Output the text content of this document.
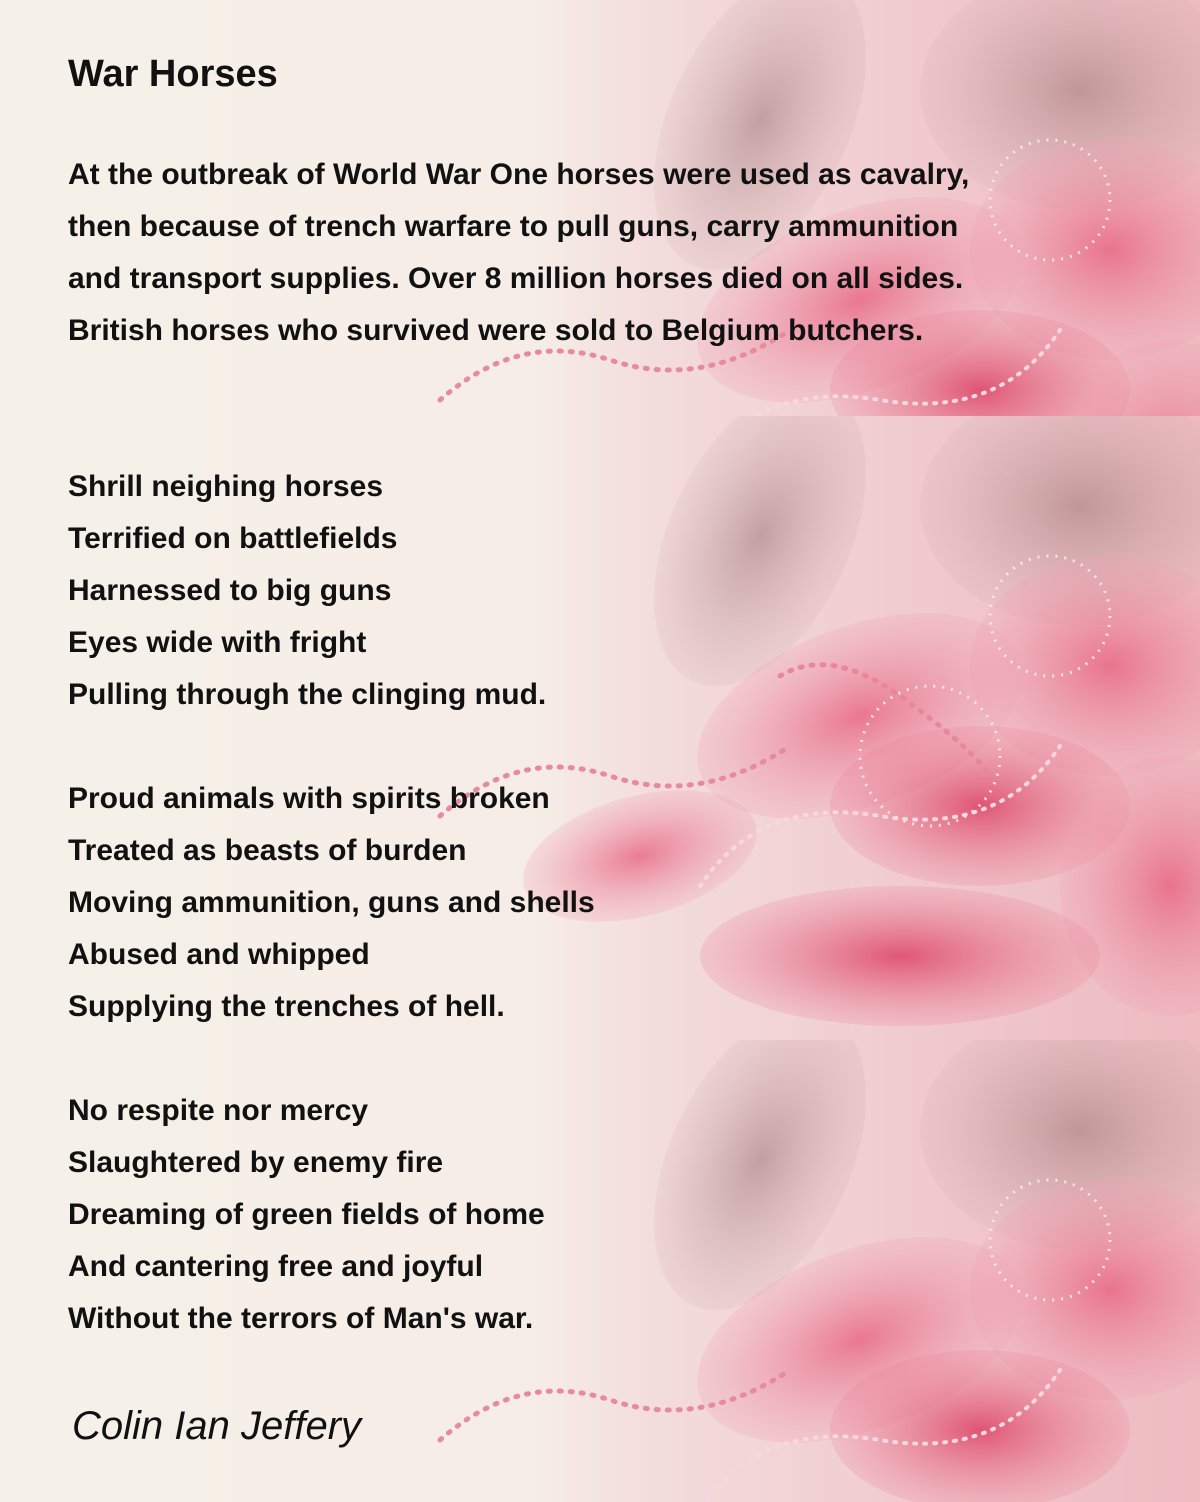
War Horses
At the outbreak of World War One horses were used as cavalry,
then because of trench warfare to pull guns, carry ammunition
and transport supplies. Over 8 million horses died on all sides.
British horses who survived were sold to Belgium butchers.
Shrill neighing horses
Terrified on battlefields
Harnessed to big guns
Eyes wide with fright
Pulling through the clinging mud.
Proud animals with spirits broken
Treated as beasts of burden
Moving ammunition, guns and shells
Abused and whipped
Supplying the trenches of hell.
No respite nor mercy
Slaughtered by enemy fire
Dreaming of green fields of home
And cantering free and joyful
Without the terrors of Man's war.
Colin Ian Jeffery
